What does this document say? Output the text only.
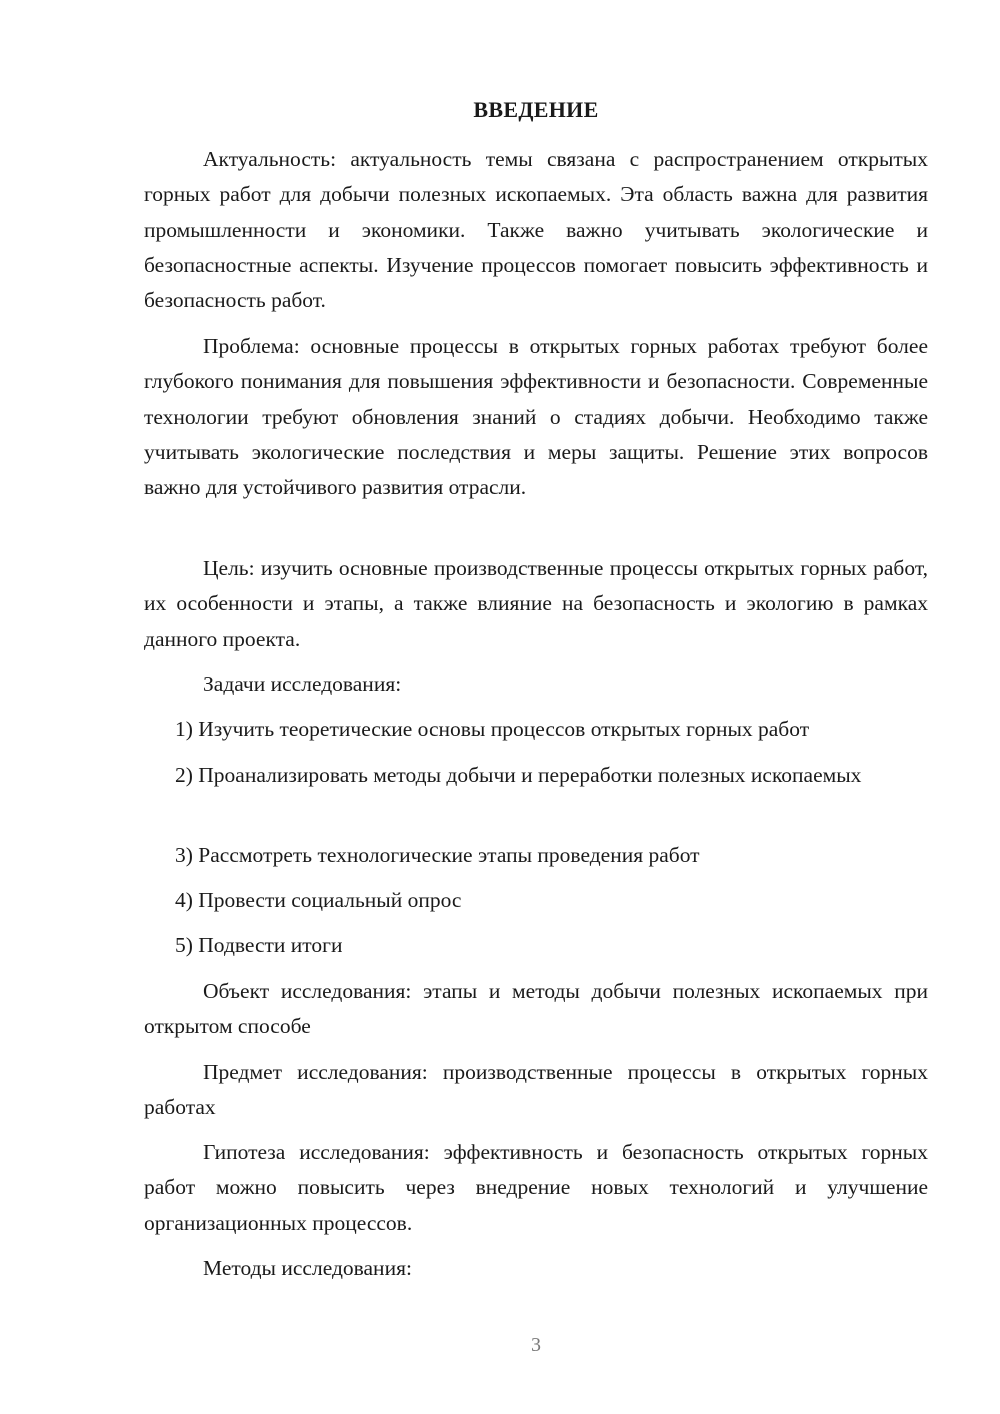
ВВЕДЕНИЕ

Актуальность: актуальность темы связана с распространением открытых горных работ для добычи полезных ископаемых. Эта область важна для развития промышленности и экономики. Также важно учитывать экологические и безопасностные аспекты. Изучение процессов помогает повысить эффективность и безопасность работ.

Проблема: основные процессы в открытых горных работах требуют более глубокого понимания для повышения эффективности и безопасности. Современные технологии требуют обновления знаний о стадиях добычи. Необходимо также учитывать экологические последствия и меры защиты. Решение этих вопросов важно для устойчивого развития отрасли.

Цель: изучить основные производственные процессы открытых горных работ, их особенности и этапы, а также влияние на безопасность и экологию в рамках данного проекта.

Задачи исследования:

1) Изучить теоретические основы процессов открытых горных работ

2) Проанализировать методы добычи и переработки полезных ископаемых

3) Рассмотреть технологические этапы проведения работ

4) Провести социальный опрос

5) Подвести итоги

Объект исследования: этапы и методы добычи полезных ископаемых при открытом способе

Предмет исследования: производственные процессы в открытых горных работах

Гипотеза исследования: эффективность и безопасность открытых горных работ можно повысить через внедрение новых технологий и улучшение организационных процессов.

Методы исследования:

3
